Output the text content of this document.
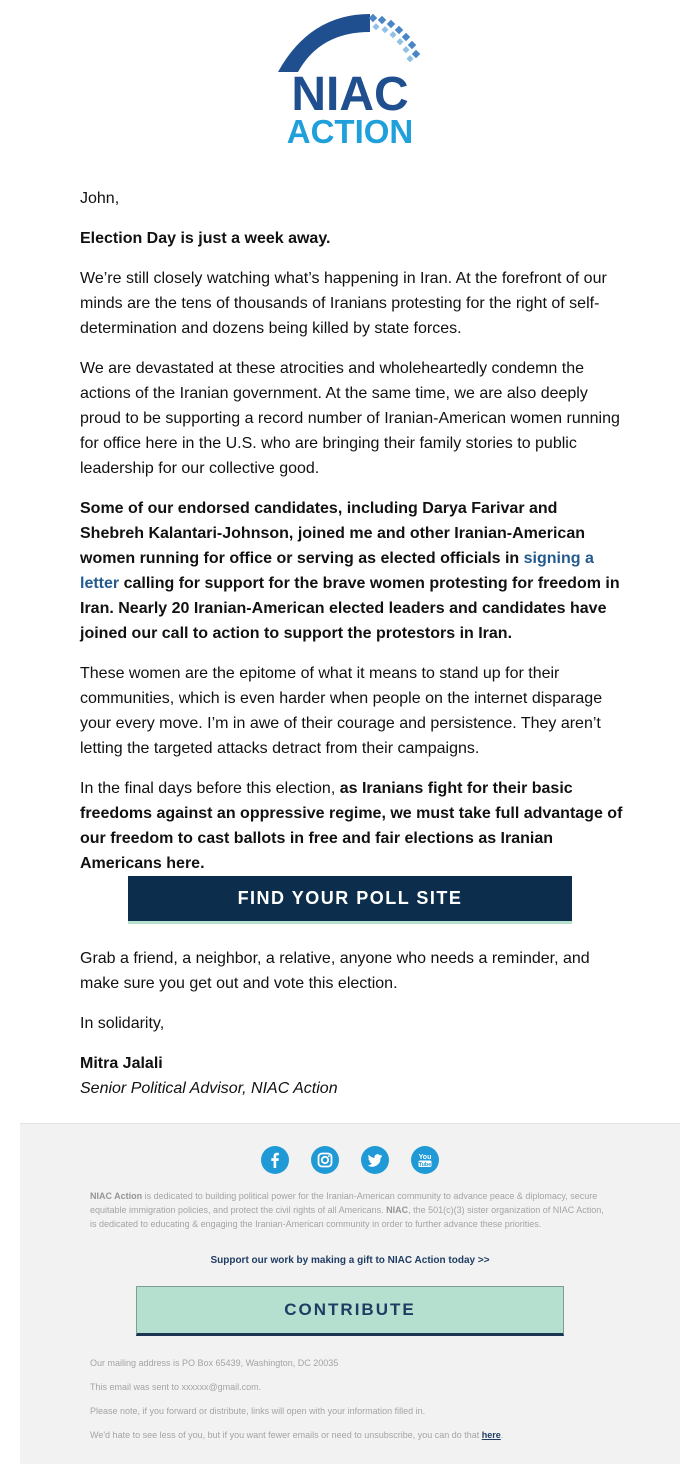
NIAC
ACTION

John,

Election Day is just a week away.

We’re still closely watching what’s happening in Iran. At the forefront of our minds are the tens of thousands of Iranians protesting for the right of self-determination and dozens being killed by state forces.

We are devastated at these atrocities and wholeheartedly condemn the actions of the Iranian government. At the same time, we are also deeply proud to be supporting a record number of Iranian-American women running for office here in the U.S. who are bringing their family stories to public leadership for our collective good.

Some of our endorsed candidates, including Darya Farivar and Shebreh Kalantari-Johnson, joined me and other Iranian-American women running for office or serving as elected officials in signing a letter calling for support for the brave women protesting for freedom in Iran. Nearly 20 Iranian-American elected leaders and candidates have joined our call to action to support the protestors in Iran.

These women are the epitome of what it means to stand up for their communities, which is even harder when people on the internet disparage your every move. I’m in awe of their courage and persistence. They aren’t letting the targeted attacks detract from their campaigns.

In the final days before this election, as Iranians fight for their basic freedoms against an oppressive regime, we must take full advantage of our freedom to cast ballots in free and fair elections as Iranian Americans here.

FIND YOUR POLL SITE

Grab a friend, a neighbor, a relative, anyone who needs a reminder, and make sure you get out and vote this election.

In solidarity,

Mitra Jalali
Senior Political Advisor, NIAC Action

You
Tube
NIAC Action is dedicated to building political power for the Iranian-American community to advance peace & diplomacy, secure equitable immigration policies, and protect the civil rights of all Americans. NIAC, the 501(c)(3) sister organization of NIAC Action, is dedicated to educating & engaging the Iranian-American community in order to further advance these priorities.
Support our work by making a gift to NIAC Action today >>
CONTRIBUTE
Our mailing address is PO Box 65439, Washington, DC 20035
This email was sent to xxxxxx@gmail.com.
Please note, if you forward or distribute, links will open with your information filled in.
We'd hate to see less of you, but if you want fewer emails or need to unsubscribe, you can do that here.
